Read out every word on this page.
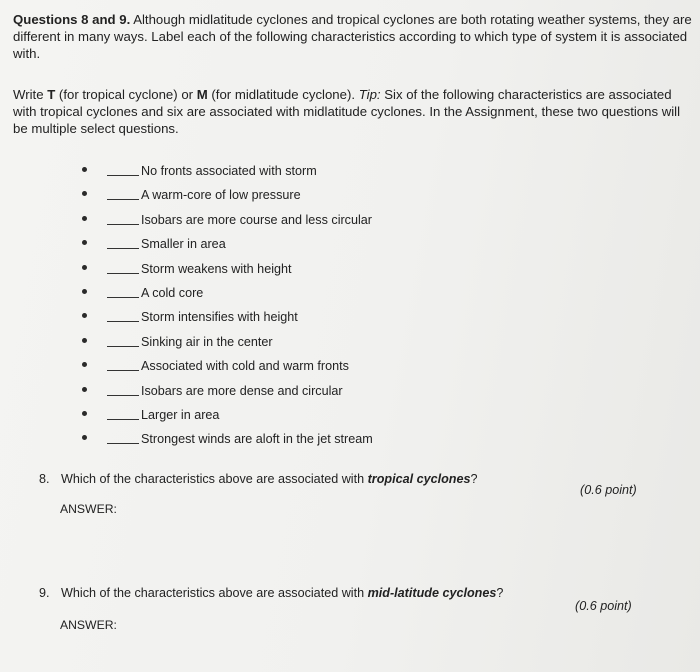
Questions 8 and 9. Although midlatitude cyclones and tropical cyclones are both rotating weather systems, they are different in many ways. Label each of the following characteristics according to which type of system it is associated with.
Write T (for tropical cyclone) or M (for midlatitude cyclone). Tip: Six of the following characteristics are associated with tropical cyclones and six are associated with midlatitude cyclones. In the Assignment, these two questions will be multiple select questions.
No fronts associated with storm
A warm-core of low pressure
Isobars are more course and less circular
Smaller in area
Storm weakens with height
A cold core
Storm intensifies with height
Sinking air in the center
Associated with cold and warm fronts
Isobars are more dense and circular
Larger in area
Strongest winds are aloft in the jet stream
8. Which of the characteristics above are associated with tropical cyclones?
(0.6 point)
ANSWER:
9. Which of the characteristics above are associated with mid-latitude cyclones?
(0.6 point)
ANSWER:
